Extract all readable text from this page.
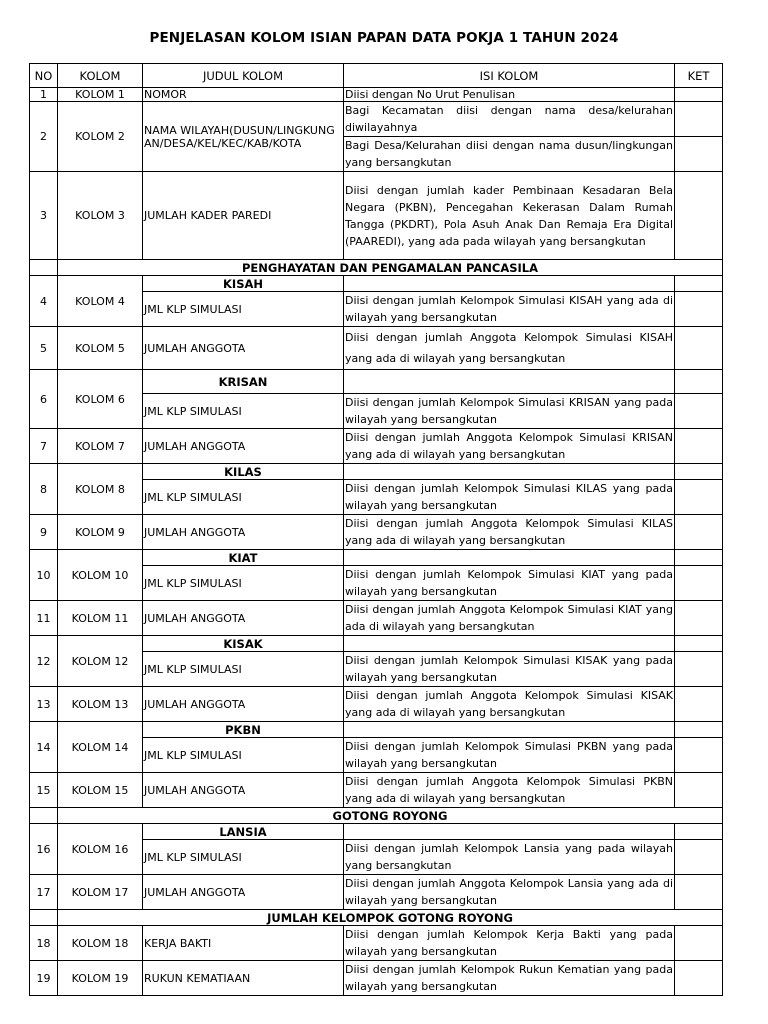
PENJELASAN KOLOM ISIAN PAPAN DATA POKJA 1 TAHUN 2024
NO	KOLOM	JUDUL KOLOM	ISI KOLOM	KET
1	KOLOM 1	NOMOR	Diisi dengan No Urut Penulisan	
2	KOLOM 2	NAMA WILAYAH(DUSUN/LINGKUNGAN/DESA/KEL/KEC/KAB/KOTA	Bagi Kecamatan diisi dengan nama desa/kelurahan diwilayahnya	
			Bagi Desa/Kelurahan diisi dengan nama dusun/lingkungan yang bersangkutan	
3	KOLOM 3	JUMLAH KADER PAREDI	Diisi dengan jumlah kader Pembinaan Kesadaran Bela Negara (PKBN), Pencegahan Kekerasan Dalam Rumah Tangga (PKDRT), Pola Asuh Anak Dan Remaja Era Digital (PAAREDI), yang ada pada wilayah yang bersangkutan	
	PENGHAYATAN DAN PENGAMALAN PANCASILA			
4	KOLOM 4	KISAH		
		JML KLP SIMULASI	Diisi dengan jumlah Kelompok Simulasi KISAH yang ada di wilayah yang bersangkutan	
5	KOLOM 5	JUMLAH ANGGOTA	Diisi dengan jumlah Anggota Kelompok Simulasi KISAH yang ada di wilayah yang bersangkutan	
6	KOLOM 6	KRISAN		
		JML KLP SIMULASI	Diisi dengan jumlah Kelompok Simulasi KRISAN yang pada wilayah yang bersangkutan	
7	KOLOM 7	JUMLAH ANGGOTA	Diisi dengan jumlah Anggota Kelompok Simulasi KRISAN yang ada di wilayah yang bersangkutan	
8	KOLOM 8	KILAS		
		JML KLP SIMULASI	Diisi dengan jumlah Kelompok Simulasi KILAS yang pada wilayah yang bersangkutan	
9	KOLOM 9	JUMLAH ANGGOTA	Diisi dengan jumlah Anggota Kelompok Simulasi KILAS yang ada di wilayah yang bersangkutan	
10	KOLOM 10	KIAT		
		JML KLP SIMULASI	Diisi dengan jumlah Kelompok Simulasi KIAT yang pada wilayah yang bersangkutan	
11	KOLOM 11	JUMLAH ANGGOTA	Diisi dengan jumlah Anggota Kelompok Simulasi KIAT yang ada di wilayah yang bersangkutan	
12	KOLOM 12	KISAK		
		JML KLP SIMULASI	Diisi dengan jumlah Kelompok Simulasi KISAK yang pada wilayah yang bersangkutan	
13	KOLOM 13	JUMLAH ANGGOTA	Diisi dengan jumlah Anggota Kelompok Simulasi KISAK yang ada di wilayah yang bersangkutan	
14	KOLOM 14	PKBN		
		JML KLP SIMULASI	Diisi dengan jumlah Kelompok Simulasi PKBN yang pada wilayah yang bersangkutan	
15	KOLOM 15	JUMLAH ANGGOTA	Diisi dengan jumlah Anggota Kelompok Simulasi PKBN yang ada di wilayah yang bersangkutan	
	GOTONG ROYONG			
16	KOLOM 16	LANSIA		
		JML KLP SIMULASI	Diisi dengan jumlah Kelompok Lansia yang pada wilayah yang bersangkutan	
17	KOLOM 17	JUMLAH ANGGOTA	Diisi dengan jumlah Anggota Kelompok Lansia yang ada di wilayah yang bersangkutan	
	JUMLAH KELOMPOK GOTONG ROYONG			
18	KOLOM 18	KERJA BAKTI	Diisi dengan jumlah Kelompok Kerja Bakti yang pada wilayah yang bersangkutan	
19	KOLOM 19	RUKUN KEMATIAAN	Diisi dengan jumlah Kelompok Rukun Kematian yang pada wilayah yang bersangkutan	
